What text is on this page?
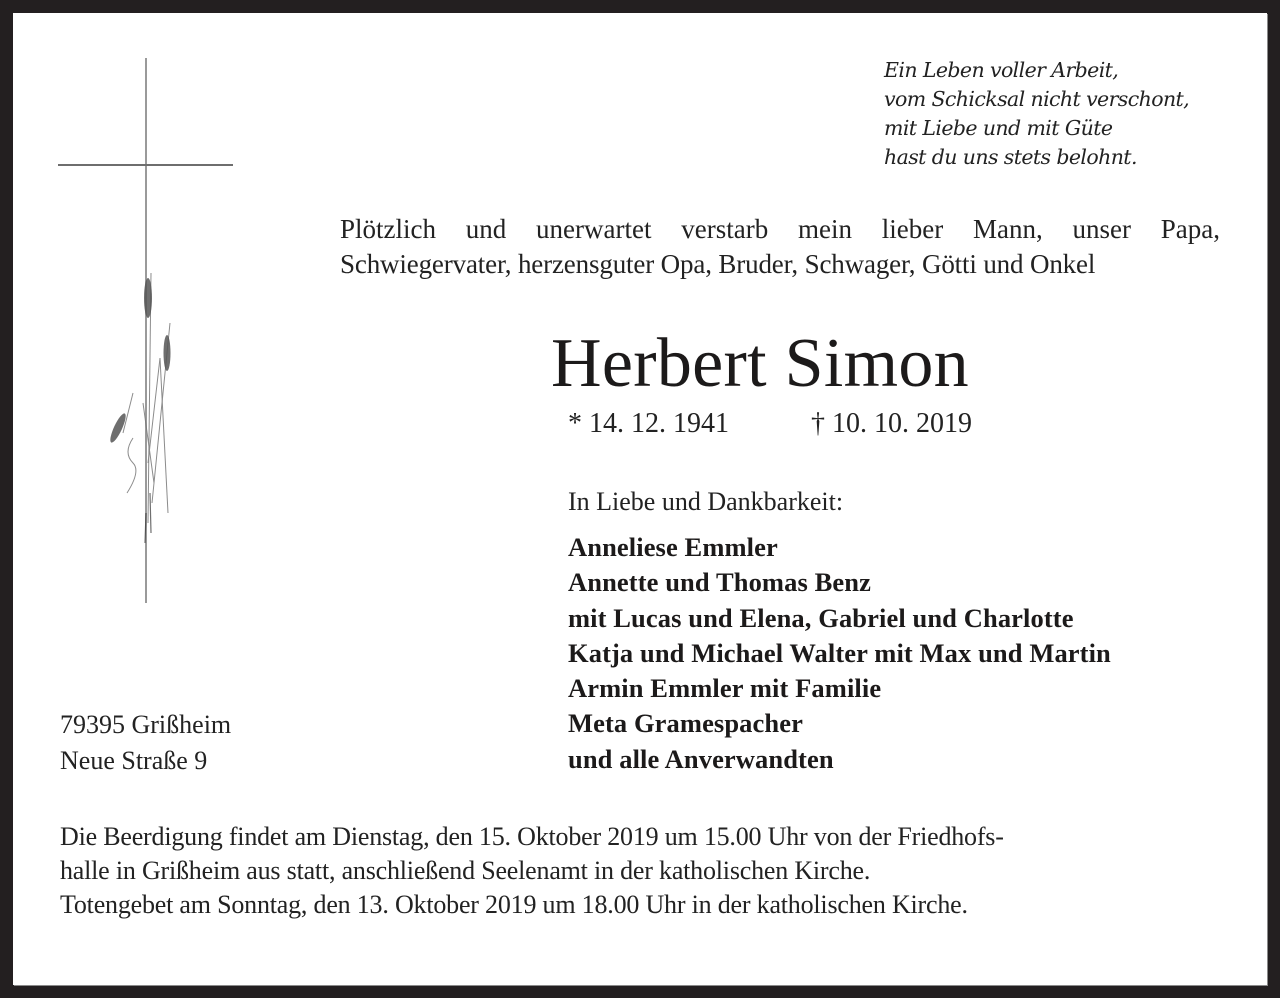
Ein Leben voller Arbeit,
vom Schicksal nicht verschont,
mit Liebe und mit Güte
hast du uns stets belohnt.
Plötzlich und unerwartet verstarb mein lieber Mann, unser Papa,
Schwiegervater, herzensguter Opa, Bruder, Schwager, Götti und Onkel
Herbert Simon
* 14. 12. 1941	† 10. 10. 2019
In Liebe und Dankbarkeit:
Anneliese Emmler
Annette und Thomas Benz
mit Lucas und Elena, Gabriel und Charlotte
Katja und Michael Walter mit Max und Martin
Armin Emmler mit Familie
Meta Gramespacher
und alle Anverwandten
79395 Grißheim
Neue Straße 9
Die Beerdigung findet am Dienstag, den 15. Oktober 2019 um 15.00 Uhr von der Friedhofs-
halle in Grißheim aus statt, anschließend Seelenamt in der katholischen Kirche.
Totengebet am Sonntag, den 13. Oktober 2019 um 18.00 Uhr in der katholischen Kirche.
